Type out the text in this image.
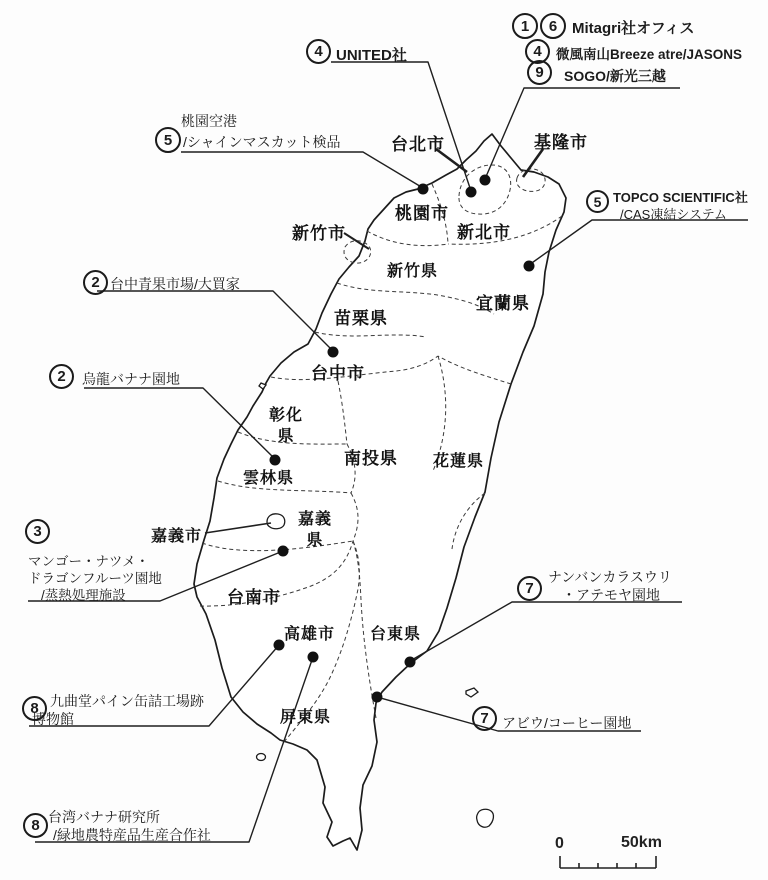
台北市	基隆市
桃園市
新北市
新竹市
新竹県
宜蘭県
苗栗県
台中市
彰化
県
南投県 花蓮県
雲林県
嘉義市
嘉義
県
台南市
高雄市 台東県
屏東県
1	6 Mitagri社オフィス
4	微風南山Breeze atre/JASONS
9	SOGO/新光三越
4 UNITED社
5
桃園空港
/シャインマスカット検品
5 TOPCO SCIENTIFIC社
/CAS凍結システム
2 台中青果市場/大買家
2	烏龍バナナ園地
3
マンゴー・ナツメ・
ドラゴンフルーツ園地
/蒸熱処理施設	7
ナンバンカラスウリ
・アテモヤ園地
7 アビウ/コーヒー園地
8 九曲堂パイン缶詰工場跡
博物館
8 台湾バナナ研究所
/緑地農特産品生産合作社	0	50km
